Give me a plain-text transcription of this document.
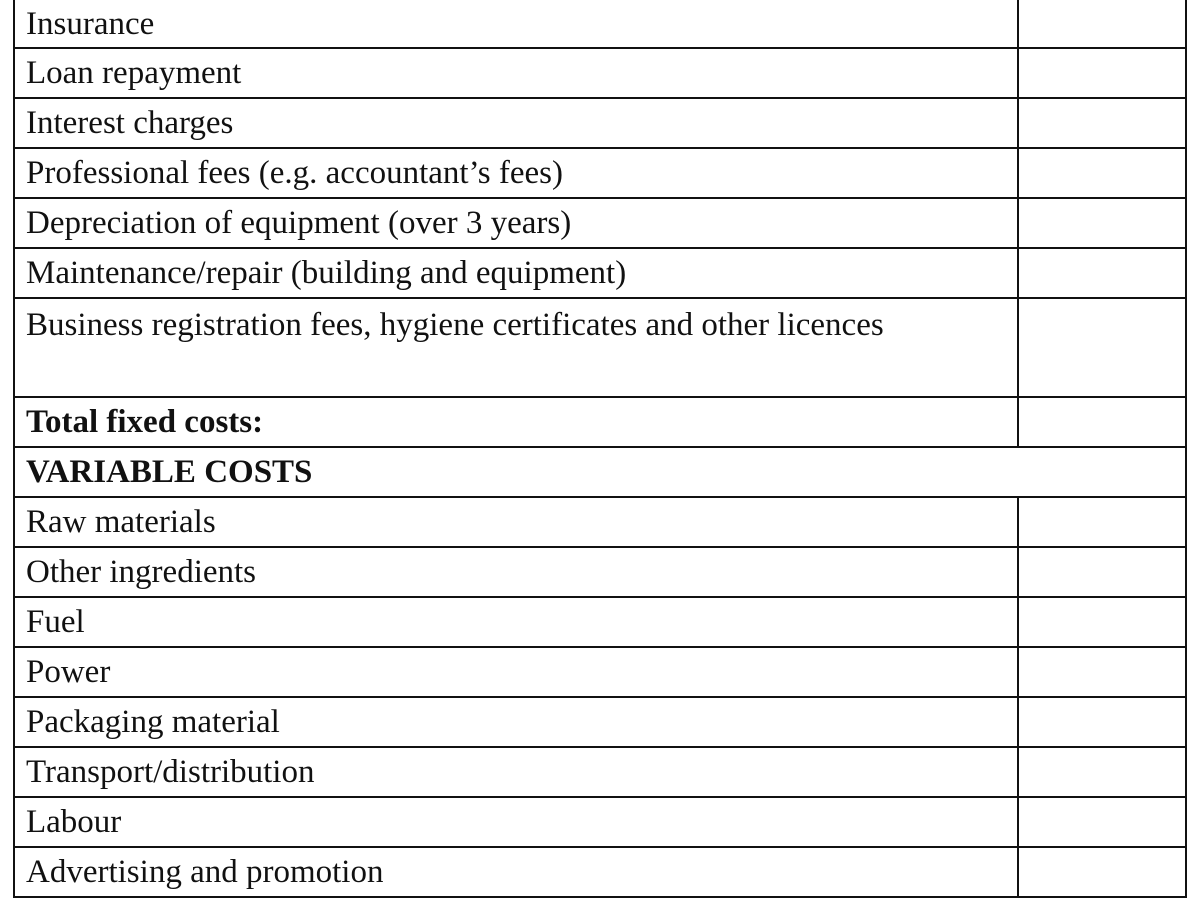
Insurance
Loan repayment
Interest charges
Professional fees (e.g. accountant’s fees)
Depreciation of equipment (over 3 years)
Maintenance/repair (building and equipment)
Business registration fees, hygiene certificates and other licences
Total fixed costs:
VARIABLE COSTS
Raw materials
Other ingredients
Fuel
Power
Packaging material
Transport/distribution
Labour
Advertising and promotion
